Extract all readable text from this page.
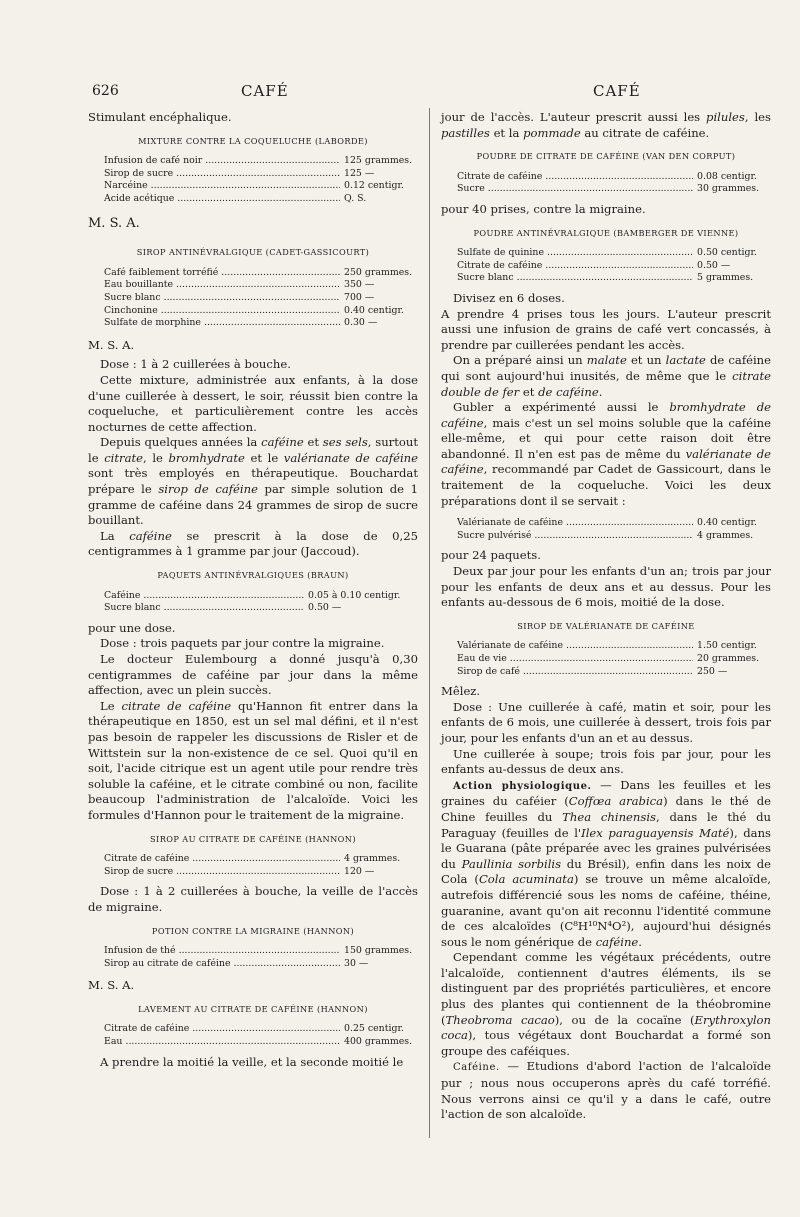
626	CAFÉ	CAFÉ

Stimulant encéphalique.

MIXTURE CONTRE LA COQUELUCHE (LABORDE)
Infusion de café noir .....	125 grammes.
Sirop de sucre .....	125 —
Narcéine .....	0.12 centigr.
Acide acétique .....	Q. S.

M. S. A.

SIROP ANTINÉVRALGIQUE (CADET-GASSICOURT)
Café faiblement torréfié .....	250 grammes.
Eau bouillante .....	350 —
Sucre blanc .....	700 —
Cinchonine .....	0.40 centigr.
Sulfate de morphine .....	0.30 —

M. S. A.

Dose : 1 à 2 cuillerées à bouche.

Cette mixture, administrée aux enfants, à la dose d'une cuillerée à dessert, le soir, réussit bien contre la coqueluche, et particulièrement contre les accès nocturnes de cette affection.

Depuis quelques années la caféine et ses sels, surtout le citrate, le bromhydrate et le valérianate de caféine sont très employés en thérapeutique. Bouchardat prépare le sirop de caféine par simple solution de 1 gramme de caféine dans 24 grammes de sirop de sucre bouillant.

La caféine se prescrit à la dose de 0,25 centigrammes à 1 gramme par jour (Jaccoud).

PAQUETS ANTINÉVRALGIQUES (BRAUN)
Caféine .....	0.05 à 0.10 centigr.
Sucre blanc .....	0.50 —

pour une dose.

Dose : trois paquets par jour contre la migraine.

Le docteur Eulembourg a donné jusqu'à 0,30 centigrammes de caféine par jour dans la même affection, avec un plein succès.

Le citrate de caféine qu'Hannon fit entrer dans la thérapeutique en 1850, est un sel mal défini, et il n'est pas besoin de rappeler les discussions de Risler et de Wittstein sur la non-existence de ce sel. Quoi qu'il en soit, l'acide citrique est un agent utile pour rendre très soluble la caféine, et le citrate combiné ou non, facilite beaucoup l'administration de l'alcaloïde. Voici les formules d'Hannon pour le traitement de la migraine.

SIROP AU CITRATE DE CAFÉINE (HANNON)
Citrate de caféine .....	4 grammes.
Sirop de sucre .....	120 —

Dose : 1 à 2 cuillerées à bouche, la veille de l'accès de migraine.

POTION CONTRE LA MIGRAINE (HANNON)
Infusion de thé .....	150 grammes.
Sirop au citrate de caféine .....	30 —

M. S. A.

LAVEMENT AU CITRATE DE CAFÉINE (HANNON)
Citrate de caféine .....	0.25 centigr.
Eau .....	400 grammes.

A prendre la moitié la veille, et la seconde moitié le

jour de l'accès. L'auteur prescrit aussi les pilules, les pastilles et la pommade au citrate de caféine.

POUDRE DE CITRATE DE CAFÉINE (VAN DEN CORPUT)
Citrate de caféine .....	0.08 centigr.
Sucre .....	30 grammes.

pour 40 prises, contre la migraine.

POUDRE ANTINÉVRALGIQUE (BAMBERGER DE VIENNE)
Sulfate de quinine .....	0.50 centigr.
Citrate de caféine .....	0.50 —
Sucre blanc .....	5 grammes.

Divisez en 6 doses.

A prendre 4 prises tous les jours. L'auteur prescrit aussi une infusion de grains de café vert concassés, à prendre par cuillerées pendant les accès.

On a préparé ainsi un malate et un lactate de caféine qui sont aujourd'hui inusités, de même que le citrate double de fer et de caféine.

Gubler a expérimenté aussi le bromhydrate de caféine, mais c'est un sel moins soluble que la caféine elle-même, et qui pour cette raison doit être abandonné. Il n'en est pas de même du valérianate de caféine, recommandé par Cadet de Gassicourt, dans le traitement de la coqueluche. Voici les deux préparations dont il se servait :

Valérianate de caféine .....	0.40 centigr.
Sucre pulvérisé .....	4 grammes.

pour 24 paquets.

Deux par jour pour les enfants d'un an; trois par jour pour les enfants de deux ans et au dessus. Pour les enfants au-dessous de 6 mois, moitié de la dose.

SIROP DE VALÉRIANATE DE CAFÉINE
Valérianate de caféine .....	1.50 centigr.
Eau de vie .....	20 grammes.
Sirop de café .....	250 —

Mêlez.

Dose : Une cuillerée à café, matin et soir, pour les enfants de 6 mois, une cuillerée à dessert, trois fois par jour, pour les enfants d'un an et au dessus.

Une cuillerée à soupe; trois fois par jour, pour les enfants au-dessus de deux ans.

Action physiologique. — Dans les feuilles et les graines du caféier (Coffœa arabica) dans le thé de Chine feuilles du Thea chinensis, dans le thé du Paraguay (feuilles de l'Ilex paraguayensis Maté), dans le Guarana (pâte préparée avec les graines pulvérisées du Paullinia sorbilis du Brésil), enfin dans les noix de Cola (Cola acuminata) se trouve un même alcaloïde, autrefois différencié sous les noms de caféine, théine, guaranine, avant qu'on ait reconnu l'identité commune de ces alcaloïdes (C⁸H¹⁰N⁴O²), aujourd'hui désignés sous le nom générique de caféine.

Cependant comme les végétaux précédents, outre l'alcaloïde, contiennent d'autres éléments, ils se distinguent par des propriétés particulières, et encore plus des plantes qui contiennent de la théobromine (Theobroma cacao), ou de la cocaïne (Erythroxylon coca), tous végétaux dont Bouchardat a formé son groupe des caféiques.

Caféine. — Etudions d'abord l'action de l'alcaloïde pur ; nous nous occuperons après du café torréfié. Nous verrons ainsi ce qu'il y a dans le café, outre l'action de son alcaloïde.
